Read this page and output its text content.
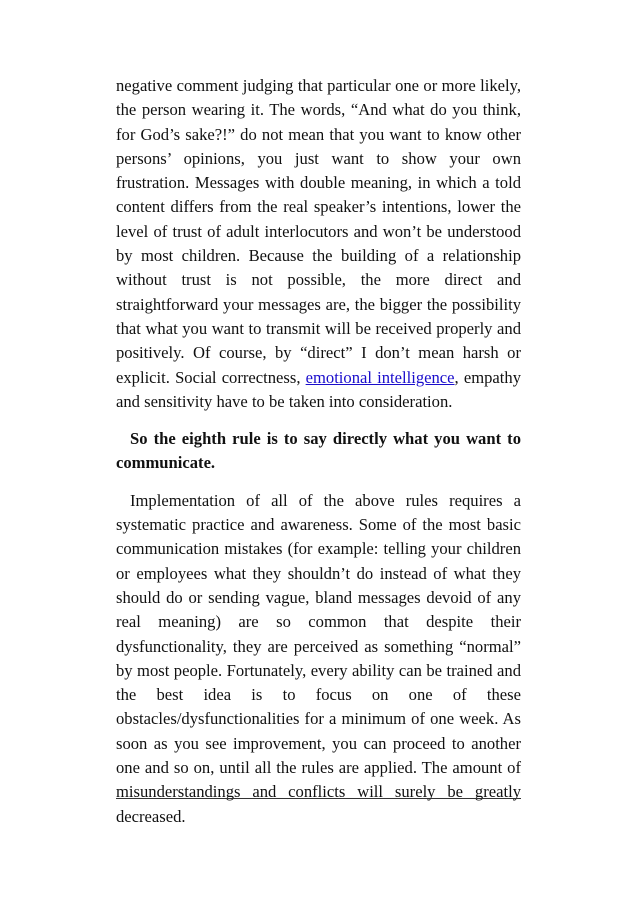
negative comment judging that particular one or more likely, the person wearing it. The words, “And what do you think, for God’s sake?!” do not mean that you want to know other persons’ opinions, you just want to show your own frustration. Messages with double meaning, in which a told content differs from the real speaker’s intentions, lower the level of trust of adult interlocutors and won’t be understood by most children. Because the building of a relationship without trust is not possible, the more direct and straightforward your messages are, the bigger the possibility that what you want to transmit will be received properly and positively. Of course, by “direct” I don’t mean harsh or explicit. Social correctness, emotional intelligence, empathy and sensitivity have to be taken into consideration.

So the eighth rule is to say directly what you want to communicate.

Implementation of all of the above rules requires a systematic practice and awareness. Some of the most basic communication mistakes (for example: telling your children or employees what they shouldn’t do instead of what they should do or sending vague, bland messages devoid of any real meaning) are so common that despite their dysfunctionality, they are perceived as something “normal” by most people. Fortunately, every ability can be trained and the best idea is to focus on one of these obstacles/dysfunctionalities for a minimum of one week. As soon as you see improvement, you can proceed to another one and so on, until all the rules are applied. The amount of misunderstandings and conflicts will surely be greatly decreased.
